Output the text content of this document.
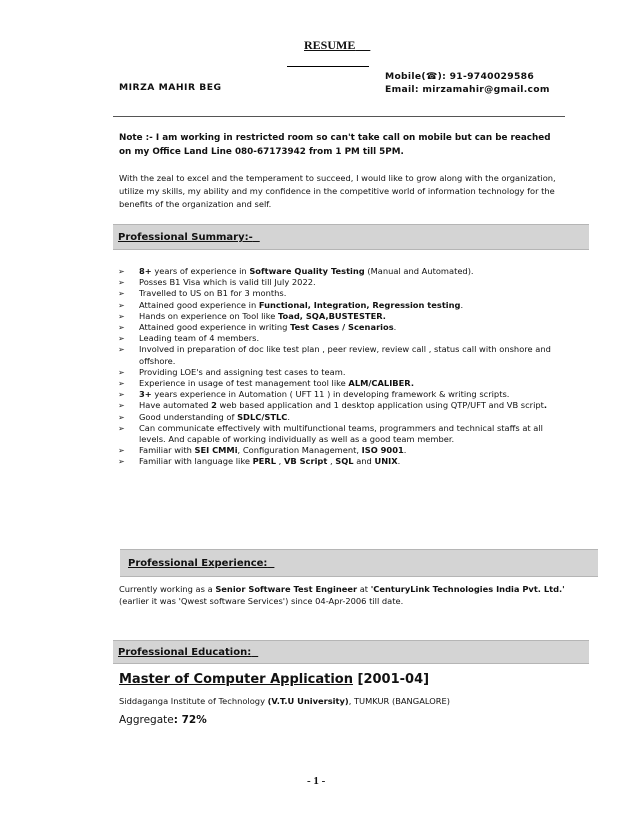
RESUME
MIRZA MAHIR BEG
Mobile(☎): 91-9740029586
Email: mirzamahir@gmail.com
Note :- I am working in restricted room so can't take call on mobile but can be reached on my Office Land Line 080-67173942 from 1 PM till 5PM.
With the zeal to excel and the temperament to succeed, I would like to grow along with the organization, utilize my skills, my ability and my confidence in the competitive world of information technology for the benefits of the organization and self.
Professional Summary:-
➢ 8+ years of experience in Software Quality Testing (Manual and Automated).
➢ Posses B1 Visa which is valid till July 2022.
➢ Travelled to US on B1 for 3 months.
➢ Attained good experience in Functional, Integration, Regression testing.
➢ Hands on experience on Tool like Toad, SQA,BUSTESTER.
➢ Attained good experience in writing Test Cases / Scenarios.
➢ Leading team of 4 members.
➢ Involved in preparation of doc like test plan , peer review, review call , status call with onshore and offshore.
➢ Providing LOE's and assigning test cases to team.
➢ Experience in usage of test management tool like ALM/CALIBER.
➢ 3+ years experience in Automation ( UFT 11 ) in developing framework & writing scripts.
➢ Have automated 2 web based application and 1 desktop application using QTP/UFT and VB script.
➢ Good understanding of SDLC/STLC.
➢ Can communicate effectively with multifunctional teams, programmers and technical staffs at all levels. And capable of working individually as well as a good team member.
➢ Familiar with SEI CMMi, Configuration Management, ISO 9001.
➢ Familiar with language like PERL , VB Script , SQL and UNIX.
Professional Experience:
Currently working as a Senior Software Test Engineer at 'CenturyLink Technologies India Pvt. Ltd.' (earlier it was 'Qwest software Services') since 04-Apr-2006 till date.
Professional Education:
Master of Computer Application [2001-04]
Siddaganga Institute of Technology (V.T.U University), TUMKUR (BANGALORE)
Aggregate: 72%
- 1 -
